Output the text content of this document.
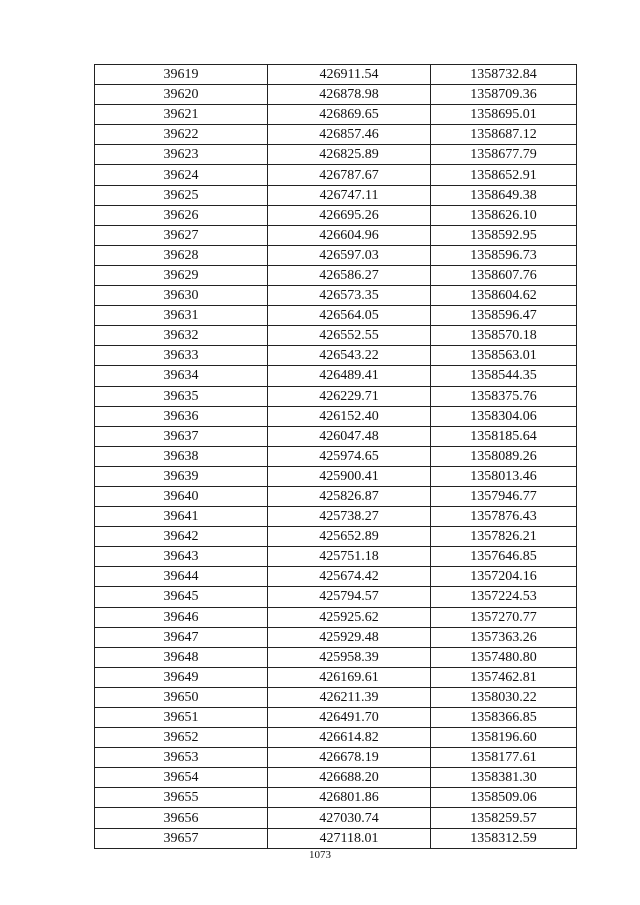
39619	426911.54	1358732.84
39620	426878.98	1358709.36
39621	426869.65	1358695.01
39622	426857.46	1358687.12
39623	426825.89	1358677.79
39624	426787.67	1358652.91
39625	426747.11	1358649.38
39626	426695.26	1358626.10
39627	426604.96	1358592.95
39628	426597.03	1358596.73
39629	426586.27	1358607.76
39630	426573.35	1358604.62
39631	426564.05	1358596.47
39632	426552.55	1358570.18
39633	426543.22	1358563.01
39634	426489.41	1358544.35
39635	426229.71	1358375.76
39636	426152.40	1358304.06
39637	426047.48	1358185.64
39638	425974.65	1358089.26
39639	425900.41	1358013.46
39640	425826.87	1357946.77
39641	425738.27	1357876.43
39642	425652.89	1357826.21
39643	425751.18	1357646.85
39644	425674.42	1357204.16
39645	425794.57	1357224.53
39646	425925.62	1357270.77
39647	425929.48	1357363.26
39648	425958.39	1357480.80
39649	426169.61	1357462.81
39650	426211.39	1358030.22
39651	426491.70	1358366.85
39652	426614.82	1358196.60
39653	426678.19	1358177.61
39654	426688.20	1358381.30
39655	426801.86	1358509.06
39656	427030.74	1358259.57
39657	427118.01	1358312.59
1073
